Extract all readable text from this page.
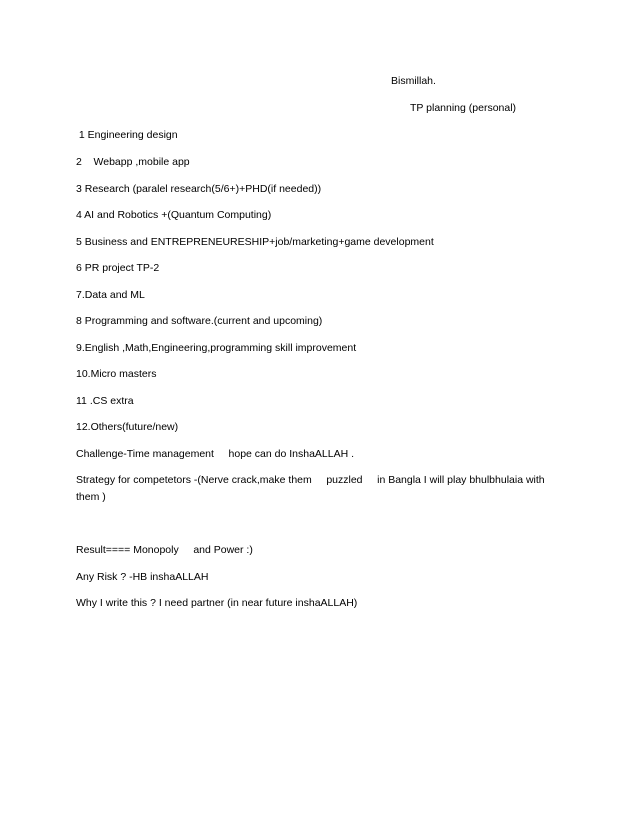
Bismillah.

TP planning (personal)

1 Engineering design

2    Webapp ,mobile app

3 Research (paralel research(5/6+)+PHD(if needed))

4 AI and Robotics +(Quantum Computing)

5 Business and ENTREPRENEURESHIP+job/marketing+game development

6 PR project TP-2

7.Data and ML

8 Programming and software.(current and upcoming)

9.English ,Math,Engineering,programming skill improvement

10.Micro masters

11 .CS extra

12.Others(future/new)

Challenge-Time management     hope can do InshaALLAH .

Strategy for competetors -(Nerve crack,make them     puzzled     in Bangla I will play bhulbhulaia with them )

Result==== Monopoly     and Power :)

Any Risk ? -HB inshaALLAH

Why I write this ? I need partner (in near future inshaALLAH)
